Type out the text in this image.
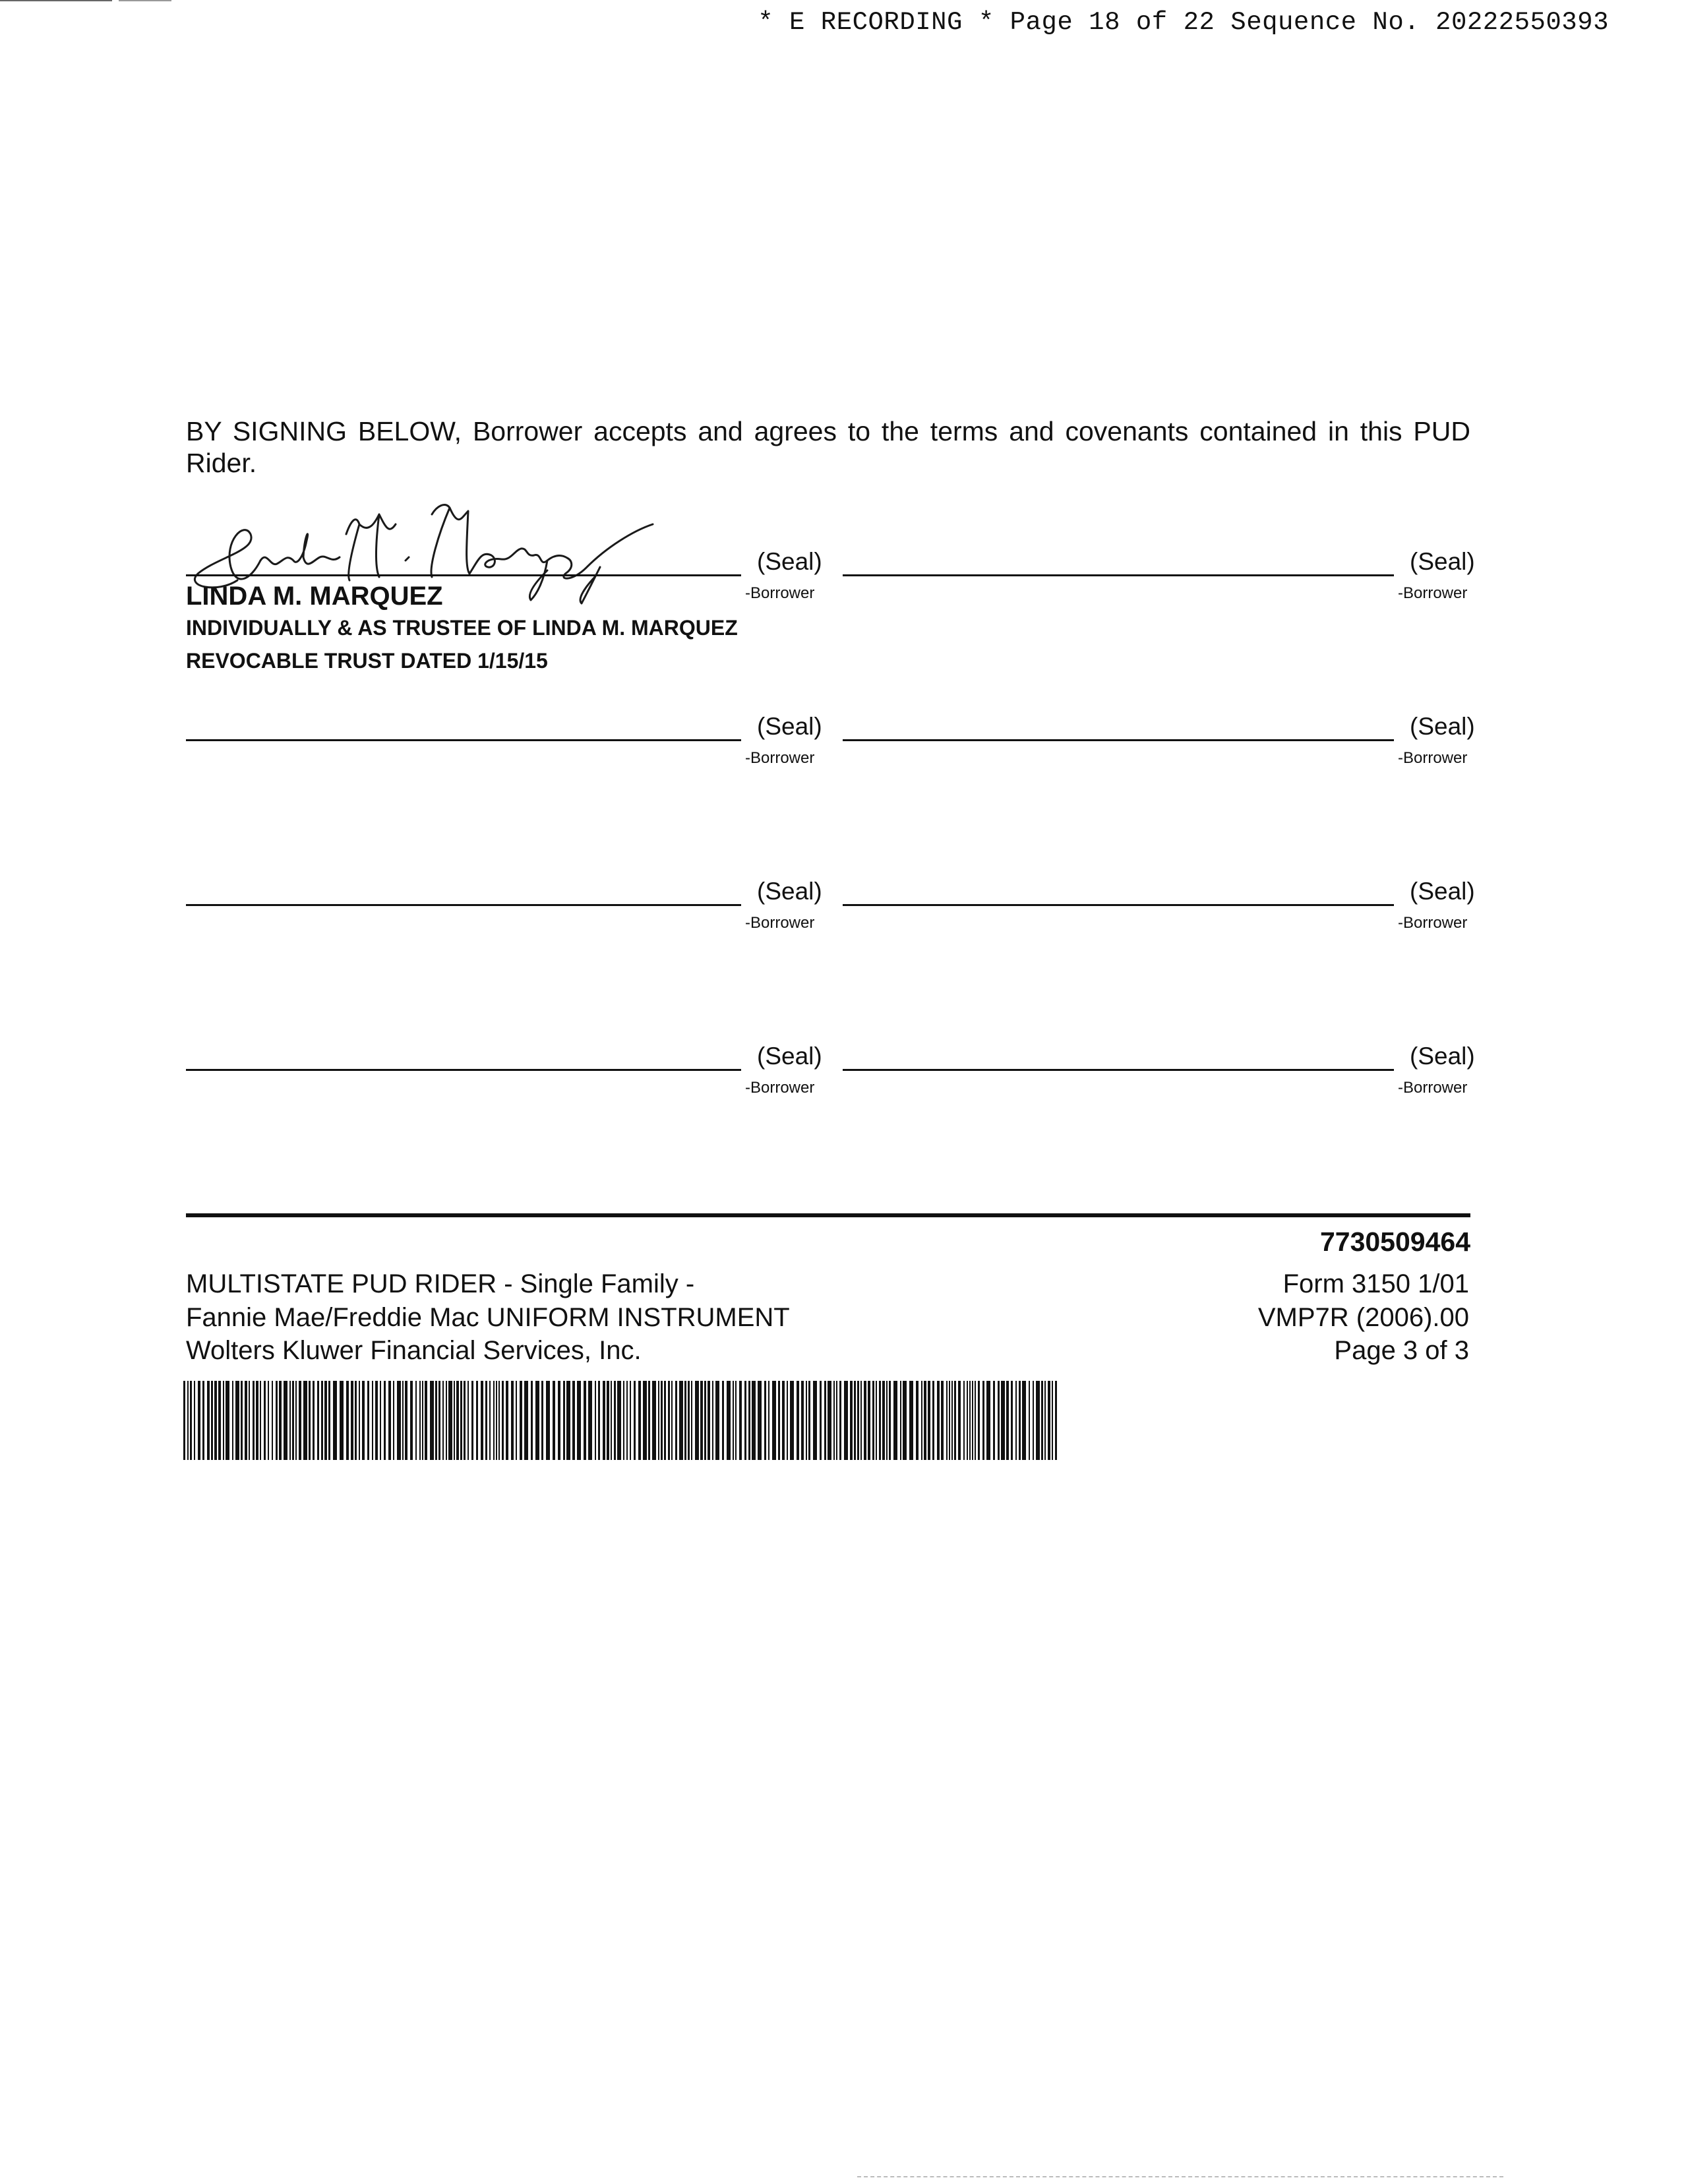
* E RECORDING * Page 18 of 22 Sequence No. 20222550393
BY SIGNING BELOW, Borrower accepts and agrees to the terms and covenants contained in this PUD Rider.
(Seal)
-Borrower
LINDA M. MARQUEZ
INDIVIDUALLY & AS TRUSTEE OF LINDA M. MARQUEZ
REVOCABLE TRUST DATED 1/15/15
(Seal)
-Borrower
(Seal)
-Borrower
(Seal)
-Borrower
(Seal)
-Borrower
(Seal)
-Borrower
(Seal)
-Borrower
(Seal)
-Borrower
7730509464
MULTISTATE PUD RIDER - Single Family -
Fannie Mae/Freddie Mac UNIFORM INSTRUMENT
Wolters Kluwer Financial Services, Inc.
Form 3150 1/01
VMP7R (2006).00
Page 3 of 3
